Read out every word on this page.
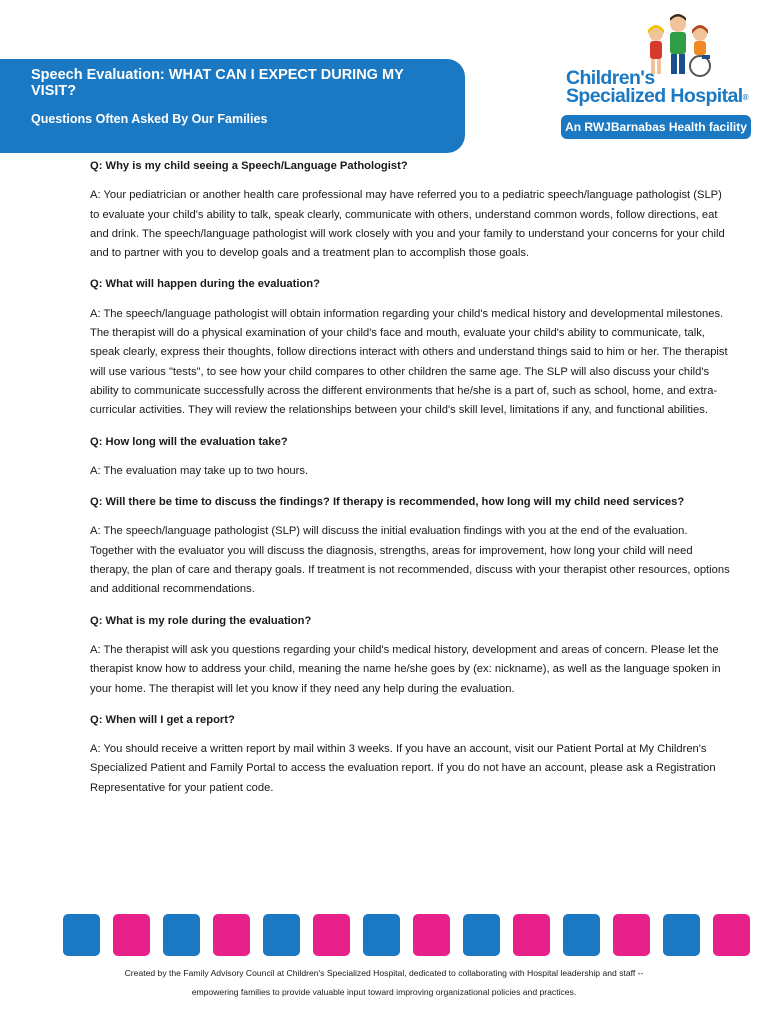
Speech Evaluation: WHAT CAN I EXPECT DURING MY VISIT?
Questions Often Asked By Our Families
Children's
Specialized Hospital®
An RWJBarnabas Health facility
Q: Why is my child seeing a Speech/Language Pathologist?
A: Your pediatrician or another health care professional may have referred you to a pediatric speech/language pathologist (SLP) to evaluate your child's ability to talk, speak clearly, communicate with others, understand common words, follow directions, eat and drink. The speech/language pathologist will work closely with you and your family to understand your concerns for your child and to partner with you to develop goals and a treatment plan to accomplish those goals.
Q: What will happen during the evaluation?
A: The speech/language pathologist will obtain information regarding your child's medical history and developmental milestones. The therapist will do a physical examination of your child's face and mouth, evaluate your child's ability to communicate, talk, speak clearly, express their thoughts, follow directions interact with others and understand things said to him or her. The therapist will use various "tests", to see how your child compares to other children the same age. The SLP will also discuss your child's ability to communicate successfully across the different environments that he/she is a part of, such as school, home, and extra-curricular activities. They will review the relationships between your child's skill level, limitations if any, and functional abilities.
Q: How long will the evaluation take?
A: The evaluation may take up to two hours.
Q: Will there be time to discuss the findings? If therapy is recommended, how long will my child need services?
A: The speech/language pathologist (SLP) will discuss the initial evaluation findings with you at the end of the evaluation. Together with the evaluator you will discuss the diagnosis, strengths, areas for improvement, how long your child will need therapy, the plan of care and therapy goals. If treatment is not recommended, discuss with your therapist other resources, options and additional recommendations.
Q: What is my role during the evaluation?
A: The therapist will ask you questions regarding your child's medical history, development and areas of concern. Please let the therapist know how to address your child, meaning the name he/she goes by (ex: nickname), as well as the language spoken in your home. The therapist will let you know if they need any help during the evaluation.
Q: When will I get a report?
A: You should receive a written report by mail within 3 weeks. If you have an account, visit our Patient Portal at My Children's Specialized Patient and Family Portal to access the evaluation report. If you do not have an account, please ask a Registration Representative for your patient code.
Created by the Family Advisory Council at Children's Specialized Hospital, dedicated to collaborating with Hospital leadership and staff --
empowering families to provide valuable input toward improving organizational policies and practices.
